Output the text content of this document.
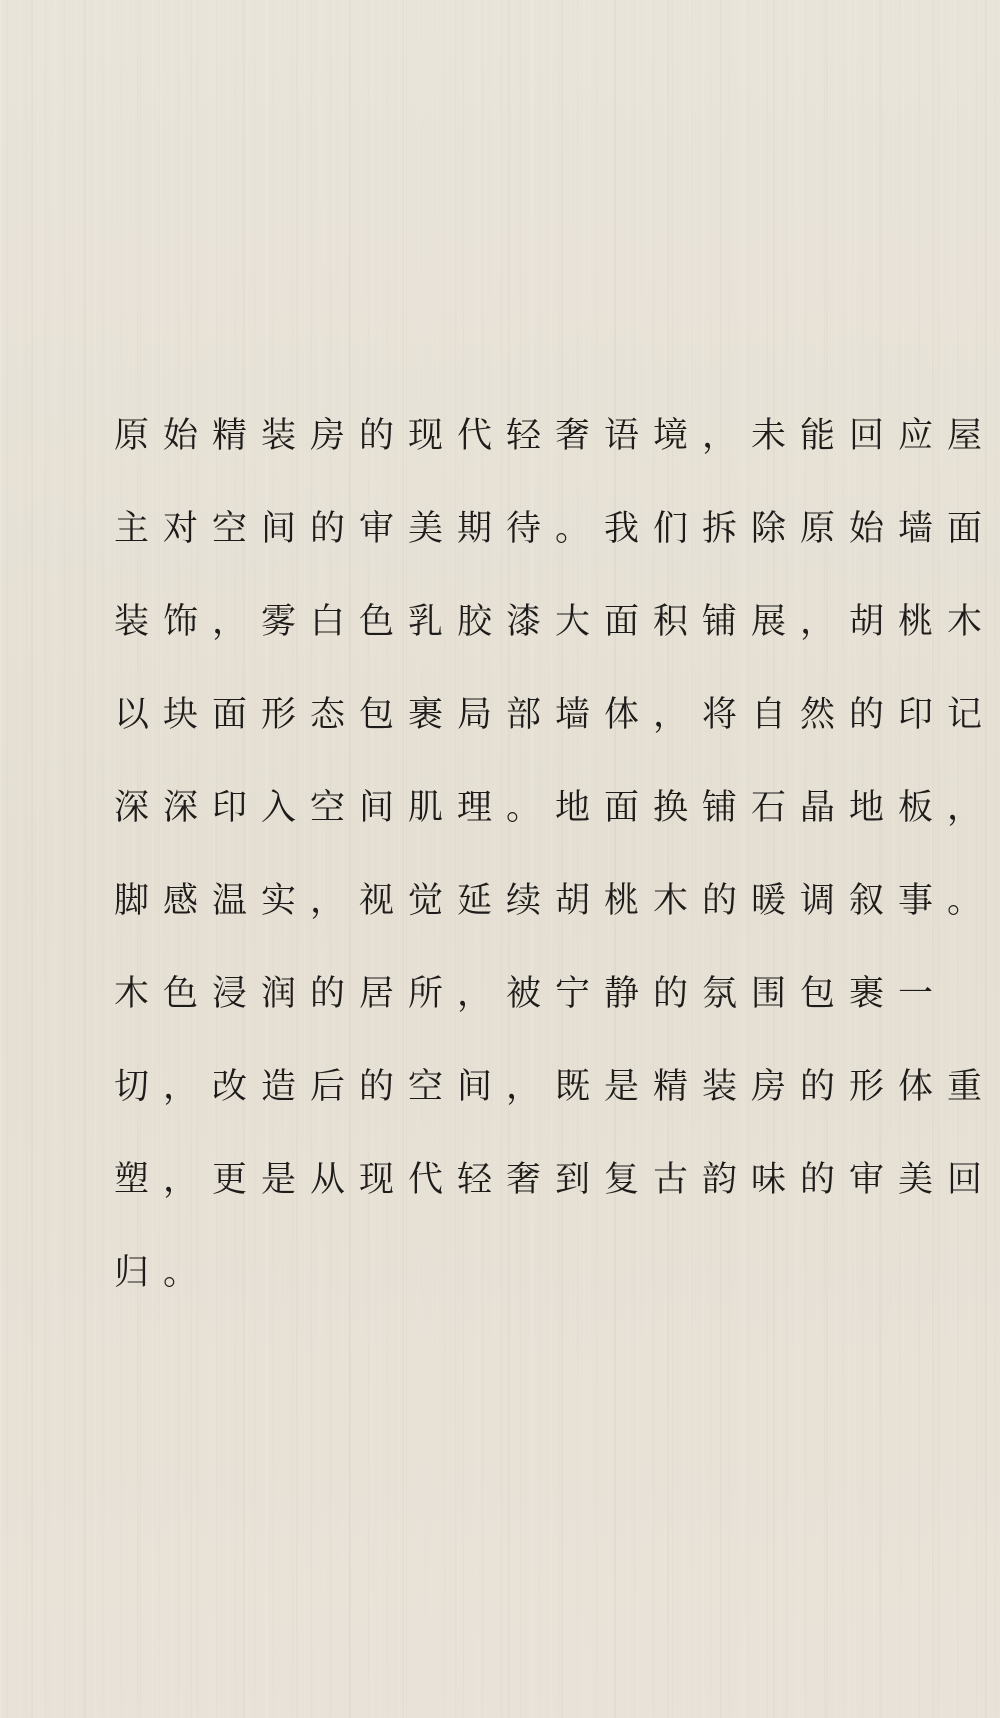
原始精装房的现代轻奢语境，未能回应屋
主对空间的审美期待。我们拆除原始墙面
装饰，雾白色乳胶漆大面积铺展，胡桃木
以块面形态包裹局部墙体，将自然的印记
深深印入空间肌理。地面换铺石晶地板，
脚感温实，视觉延续胡桃木的暖调叙事。
木色浸润的居所，被宁静的氛围包裹一
切，改造后的空间，既是精装房的形体重
塑，更是从现代轻奢到复古韵味的审美回
归。
